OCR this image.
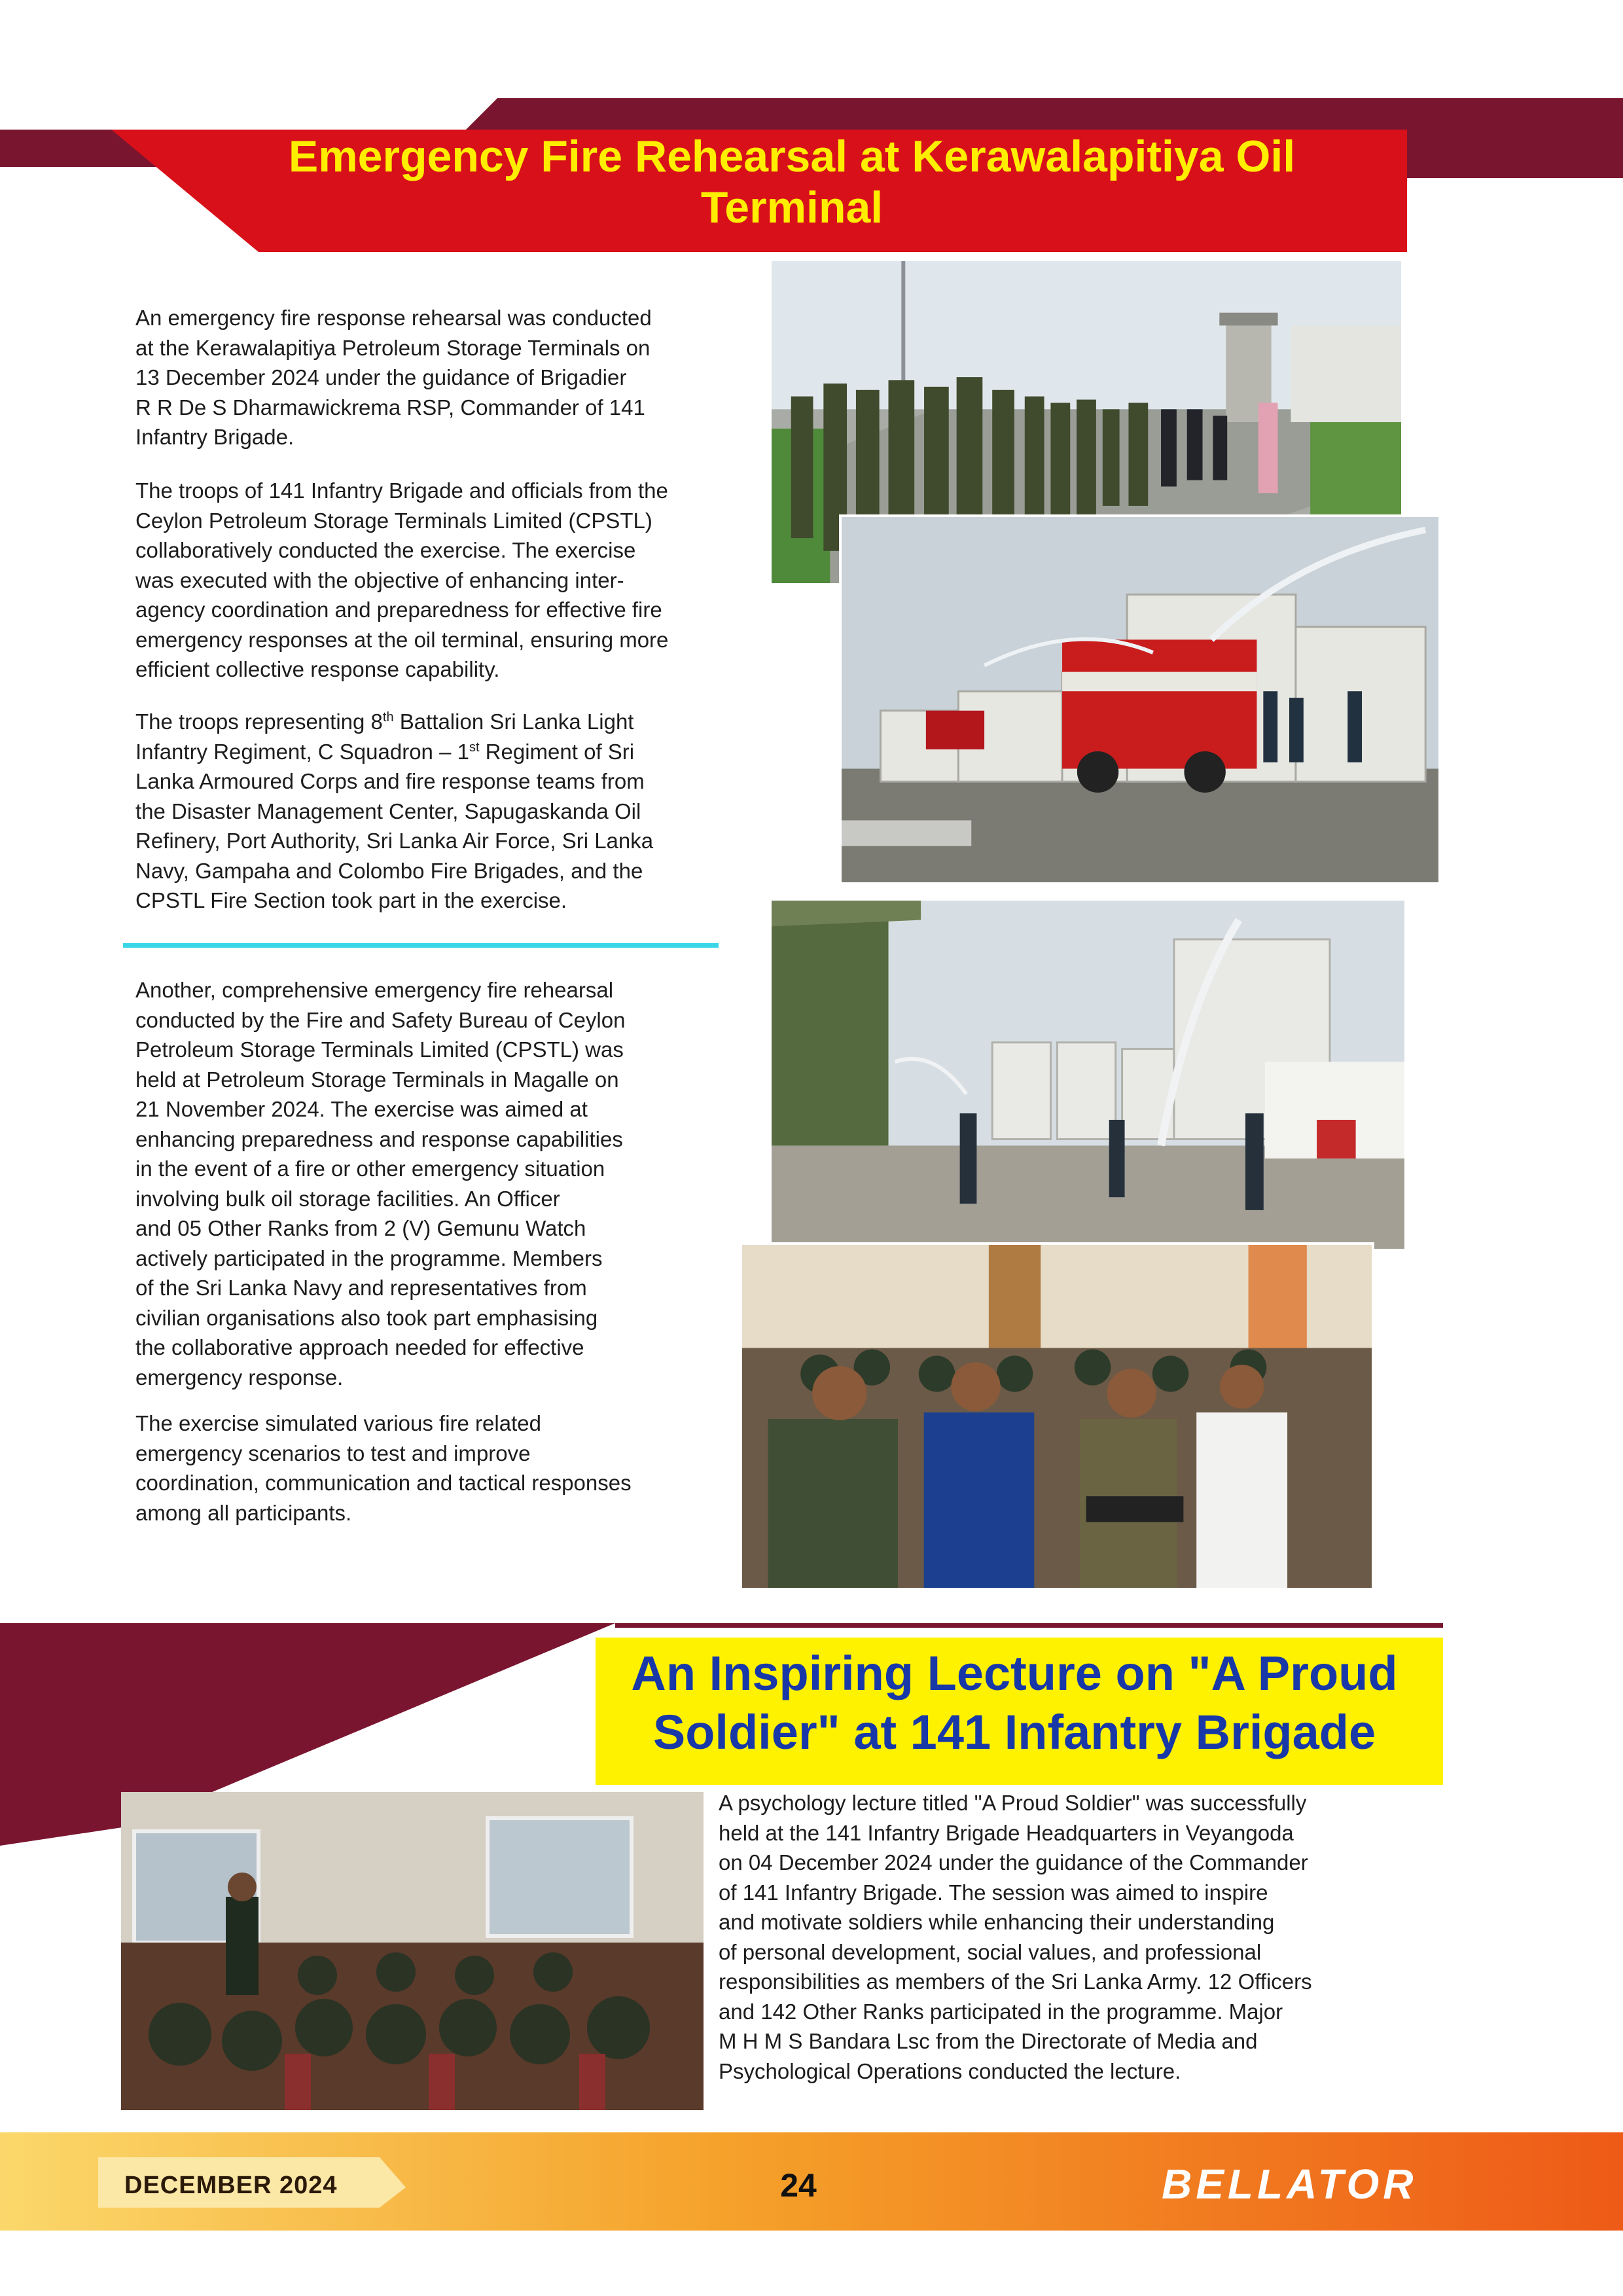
Emergency Fire Rehearsal at Kerawalapitiya Oil
Terminal

An emergency fire response rehearsal was conducted
at the Kerawalapitiya Petroleum Storage Terminals on
13 December 2024 under the guidance of Brigadier
R R De S Dharmawickrema RSP, Commander of 141
Infantry Brigade.

The troops of 141 Infantry Brigade and officials from the
Ceylon Petroleum Storage Terminals Limited (CPSTL)
collaboratively conducted the exercise. The exercise
was executed with the objective of enhancing inter-
agency coordination and preparedness for effective fire
emergency responses at the oil terminal, ensuring more
efficient collective response capability.

The troops representing 8th Battalion Sri Lanka Light
Infantry Regiment, C Squadron – 1st Regiment of Sri
Lanka Armoured Corps and fire response teams from
the Disaster Management Center, Sapugaskanda Oil
Refinery, Port Authority, Sri Lanka Air Force, Sri Lanka
Navy, Gampaha and Colombo Fire Brigades, and the
CPSTL Fire Section took part in the exercise.

Another, comprehensive emergency fire rehearsal
conducted by the Fire and Safety Bureau of Ceylon
Petroleum Storage Terminals Limited (CPSTL) was
held at Petroleum Storage Terminals in Magalle on
21 November 2024. The exercise was aimed at
enhancing preparedness and response capabilities
in the event of a fire or other emergency situation
involving bulk oil storage facilities. An Officer
and 05 Other Ranks from 2 (V) Gemunu Watch
actively participated in the programme. Members
of the Sri Lanka Navy and representatives from
civilian organisations also took part emphasising
the collaborative approach needed for effective
emergency response.

The exercise simulated various fire related
emergency scenarios to test and improve
coordination, communication and tactical responses
among all participants.

An Inspiring Lecture on "A Proud
Soldier" at 141 Infantry Brigade

A psychology lecture titled "A Proud Soldier" was successfully
held at the 141 Infantry Brigade Headquarters in Veyangoda
on 04 December 2024 under the guidance of the Commander
of 141 Infantry Brigade. The session was aimed to inspire
and motivate soldiers while enhancing their understanding
of personal development, social values, and professional
responsibilities as members of the Sri Lanka Army. 12 Officers
and 142 Other Ranks participated in the programme. Major
M H M S Bandara Lsc from the Directorate of Media and
Psychological Operations conducted the lecture.

DECEMBER 2024	24	BELLATOR
